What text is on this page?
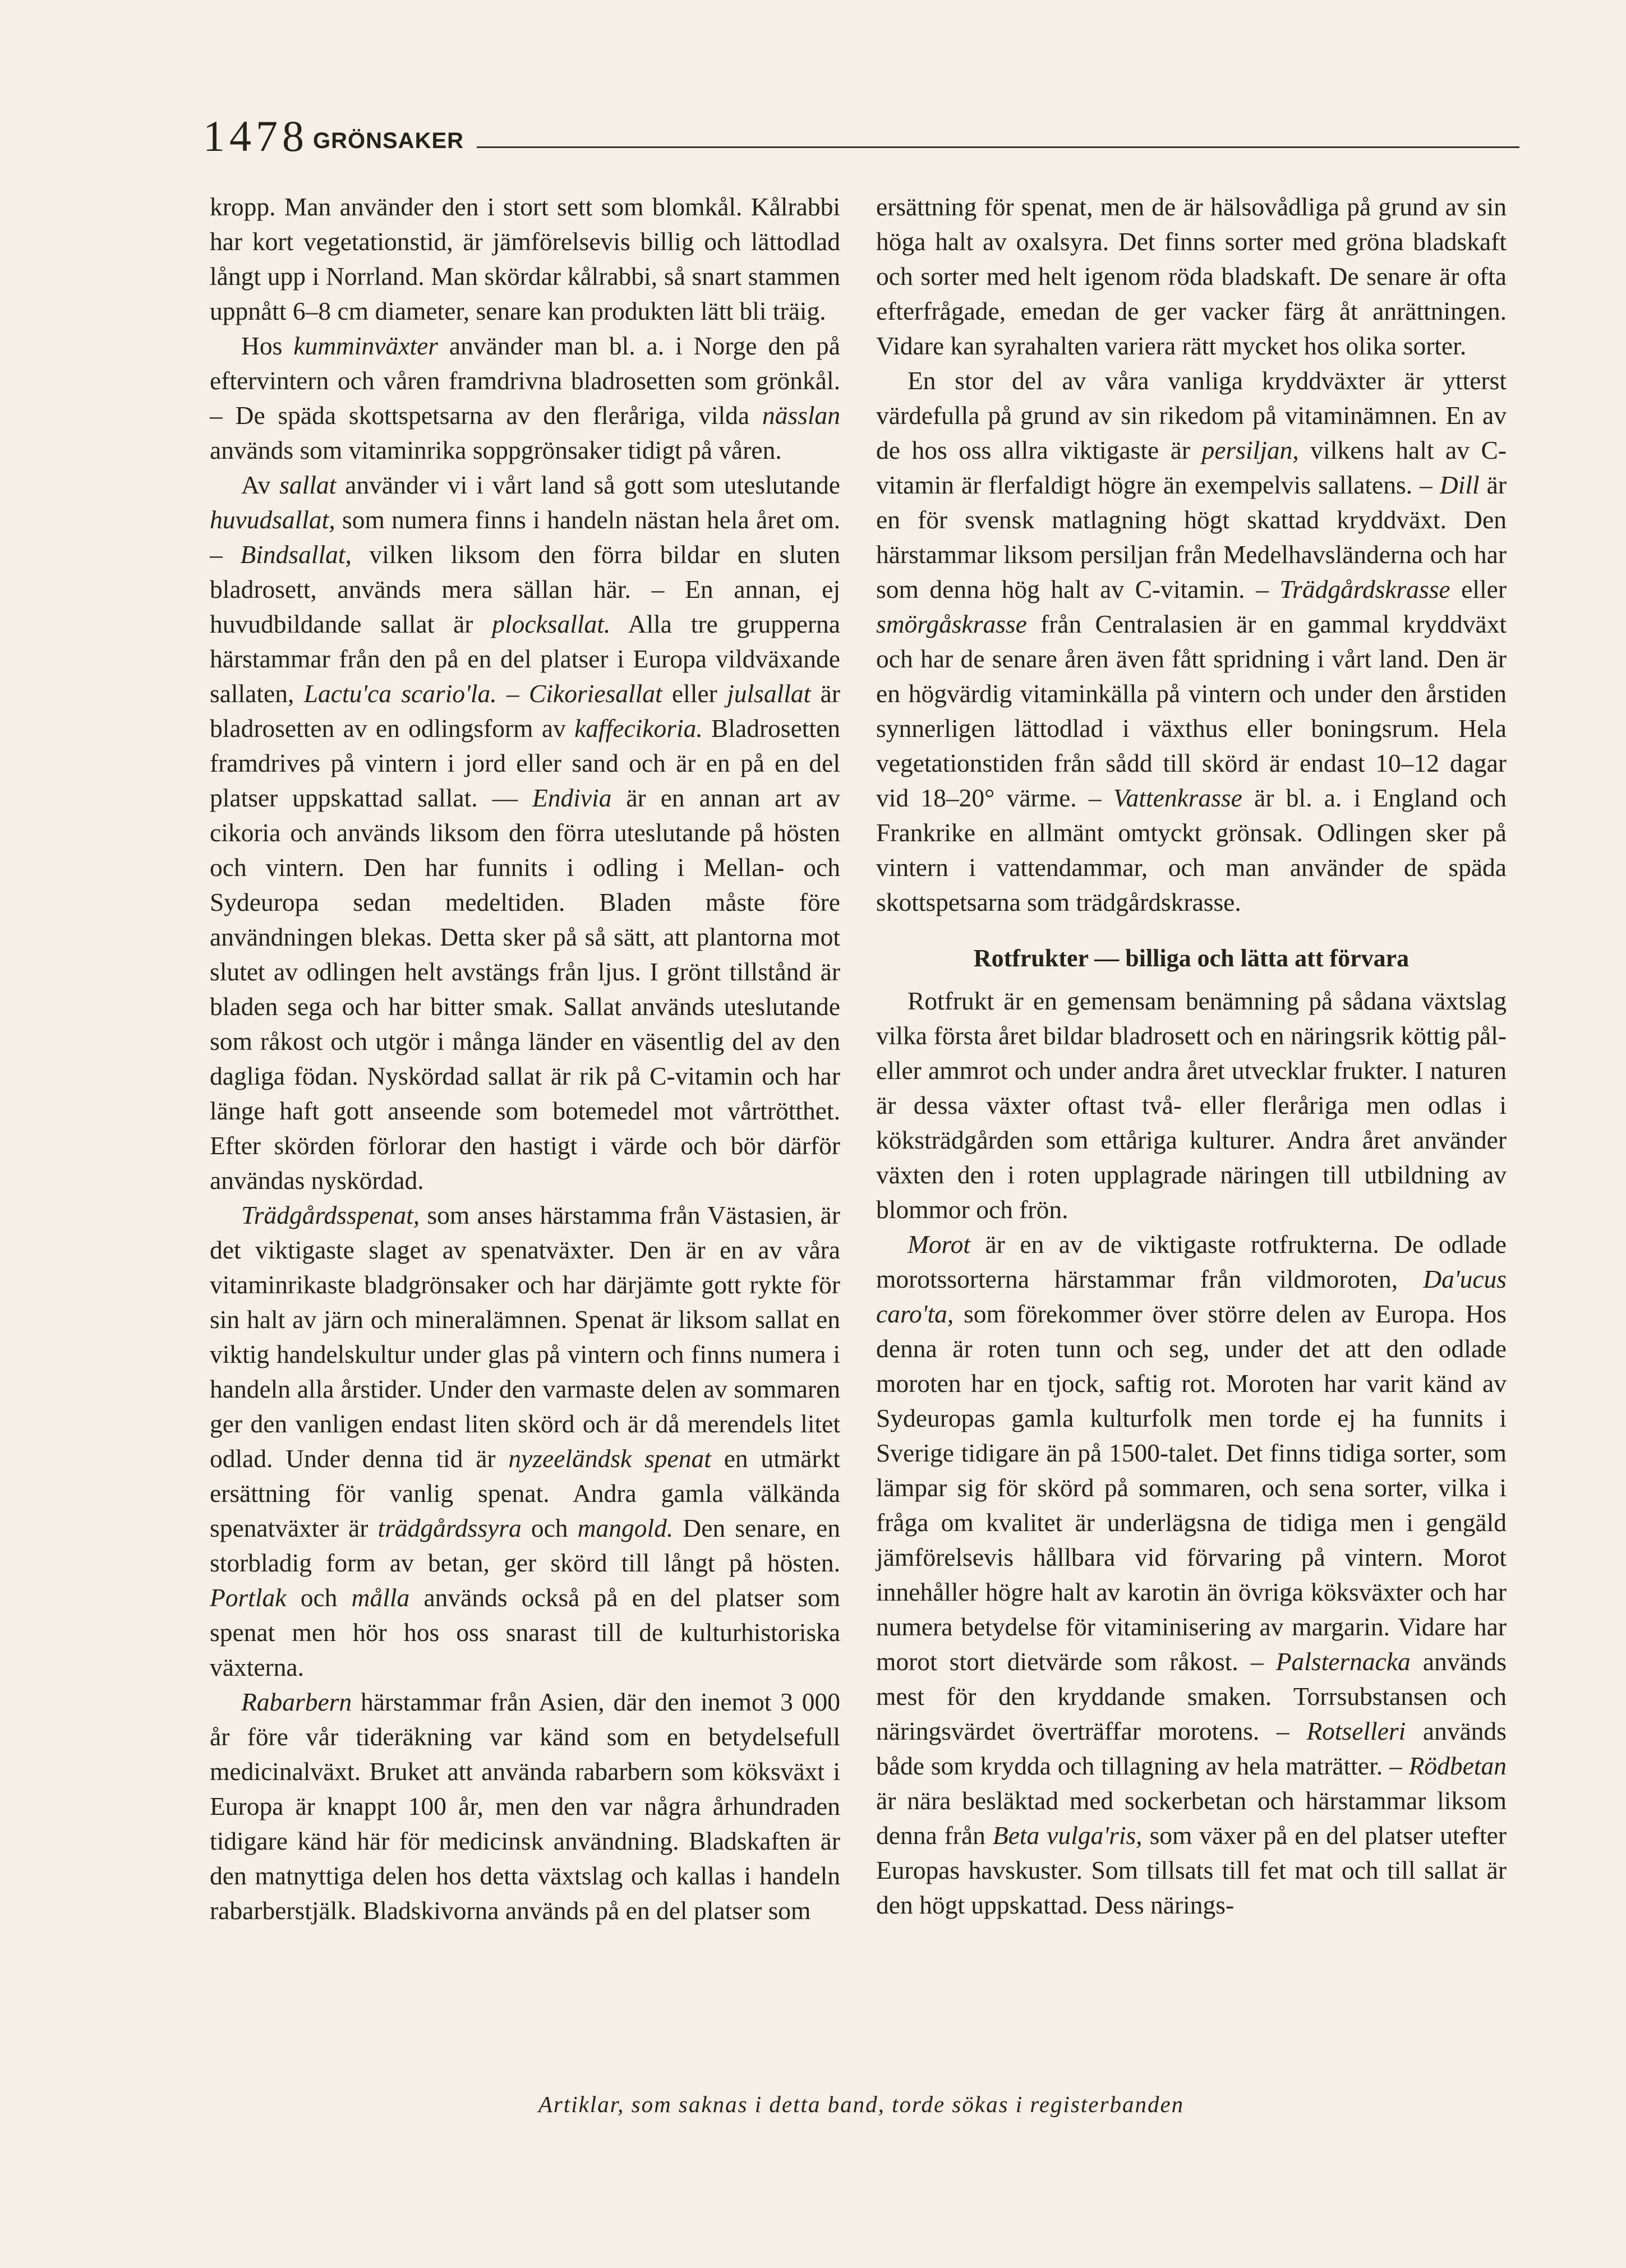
1478 GRÖNSAKER

kropp. Man använder den i stort sett som blomkål. Kålrabbi har kort vegetationstid, är jämförelsevis billig och lättodlad långt upp i Norrland. Man skördar kålrabbi, så snart stammen uppnått 6–8 cm diameter, senare kan produkten lätt bli träig.

Hos kumminväxter använder man bl. a. i Norge den på eftervintern och våren framdrivna bladrosetten som grönkål. – De späda skottspetsarna av den fleråriga, vilda nässlan används som vitaminrika soppgrönsaker tidigt på våren.

Av sallat använder vi i vårt land så gott som uteslutande huvudsallat, som numera finns i handeln nästan hela året om. – Bindsallat, vilken liksom den förra bildar en sluten bladrosett, används mera sällan här. – En annan, ej huvudbildande sallat är plocksallat. Alla tre grupperna härstammar från den på en del platser i Europa vildväxande sallaten, Lactu'ca scario'la. – Cikoriesallat eller julsallat är bladrosetten av en odlingsform av kaffecikoria. Bladrosetten framdrives på vintern i jord eller sand och är en på en del platser uppskattad sallat. — Endivia är en annan art av cikoria och används liksom den förra uteslutande på hösten och vintern. Den har funnits i odling i Mellan- och Sydeuropa sedan medeltiden. Bladen måste före användningen blekas. Detta sker på så sätt, att plantorna mot slutet av odlingen helt avstängs från ljus. I grönt tillstånd är bladen sega och har bitter smak. Sallat används uteslutande som råkost och utgör i många länder en väsentlig del av den dagliga födan. Nyskördad sallat är rik på C-vitamin och har länge haft gott anseende som botemedel mot vårtrötthet. Efter skörden förlorar den hastigt i värde och bör därför användas nyskördad.

Trädgårdsspenat, som anses härstamma från Västasien, är det viktigaste slaget av spenatväxter. Den är en av våra vitaminrikaste bladgrönsaker och har därjämte gott rykte för sin halt av järn och mineralämnen. Spenat är liksom sallat en viktig handelskultur under glas på vintern och finns numera i handeln alla årstider. Under den varmaste delen av sommaren ger den vanligen endast liten skörd och är då merendels litet odlad. Under denna tid är nyzeeländsk spenat en utmärkt ersättning för vanlig spenat. Andra gamla välkända spenatväxter är trädgårdssyra och mangold. Den senare, en storbladig form av betan, ger skörd till långt på hösten. Portlak och målla används också på en del platser som spenat men hör hos oss snarast till de kulturhistoriska växterna.

Rabarbern härstammar från Asien, där den inemot 3 000 år före vår tideräkning var känd som en betydelsefull medicinalväxt. Bruket att använda rabarbern som köksväxt i Europa är knappt 100 år, men den var några århundraden tidigare känd här för medicinsk användning. Bladskaften är den matnyttiga delen hos detta växtslag och kallas i handeln rabarberstjälk. Bladskivorna används på en del platser som

ersättning för spenat, men de är hälsovådliga på grund av sin höga halt av oxalsyra. Det finns sorter med gröna bladskaft och sorter med helt igenom röda bladskaft. De senare är ofta efterfrågade, emedan de ger vacker färg åt anrättningen. Vidare kan syrahalten variera rätt mycket hos olika sorter.

En stor del av våra vanliga kryddväxter är ytterst värdefulla på grund av sin rikedom på vitaminämnen. En av de hos oss allra viktigaste är persiljan, vilkens halt av C-vitamin är flerfaldigt högre än exempelvis sallatens. – Dill är en för svensk matlagning högt skattad kryddväxt. Den härstammar liksom persiljan från Medelhavsländerna och har som denna hög halt av C-vitamin. – Trädgårdskrasse eller smörgåskrasse från Centralasien är en gammal kryddväxt och har de senare åren även fått spridning i vårt land. Den är en högvärdig vitaminkälla på vintern och under den årstiden synnerligen lättodlad i växthus eller boningsrum. Hela vegetationstiden från sådd till skörd är endast 10–12 dagar vid 18–20° värme. – Vattenkrasse är bl. a. i England och Frankrike en allmänt omtyckt grönsak. Odlingen sker på vintern i vattendammar, och man använder de späda skottspetsarna som trädgårdskrasse.

Rotfrukter — billiga och lätta att förvara

Rotfrukt är en gemensam benämning på sådana växtslag vilka första året bildar bladrosett och en näringsrik köttig pål- eller ammrot och under andra året utvecklar frukter. I naturen är dessa växter oftast två- eller fleråriga men odlas i köksträdgården som ettåriga kulturer. Andra året använder växten den i roten upplagrade näringen till utbildning av blommor och frön.

Morot är en av de viktigaste rotfrukterna. De odlade morotssorterna härstammar från vildmoroten, Da'ucus caro'ta, som förekommer över större delen av Europa. Hos denna är roten tunn och seg, under det att den odlade moroten har en tjock, saftig rot. Moroten har varit känd av Sydeuropas gamla kulturfolk men torde ej ha funnits i Sverige tidigare än på 1500-talet. Det finns tidiga sorter, som lämpar sig för skörd på sommaren, och sena sorter, vilka i fråga om kvalitet är underlägsna de tidiga men i gengäld jämförelsevis hållbara vid förvaring på vintern. Morot innehåller högre halt av karotin än övriga köksväxter och har numera betydelse för vitaminisering av margarin. Vidare har morot stort dietvärde som råkost. – Palsternacka används mest för den kryddande smaken. Torrsubstansen och näringsvärdet överträffar morotens. – Rotselleri används både som krydda och tillagning av hela maträtter. – Rödbetan är nära besläktad med sockerbetan och härstammar liksom denna från Beta vulga'ris, som växer på en del platser utefter Europas havskuster. Som tillsats till fet mat och till sallat är den högt uppskattad. Dess närings-

Artiklar, som saknas i detta band, torde sökas i registerbanden
